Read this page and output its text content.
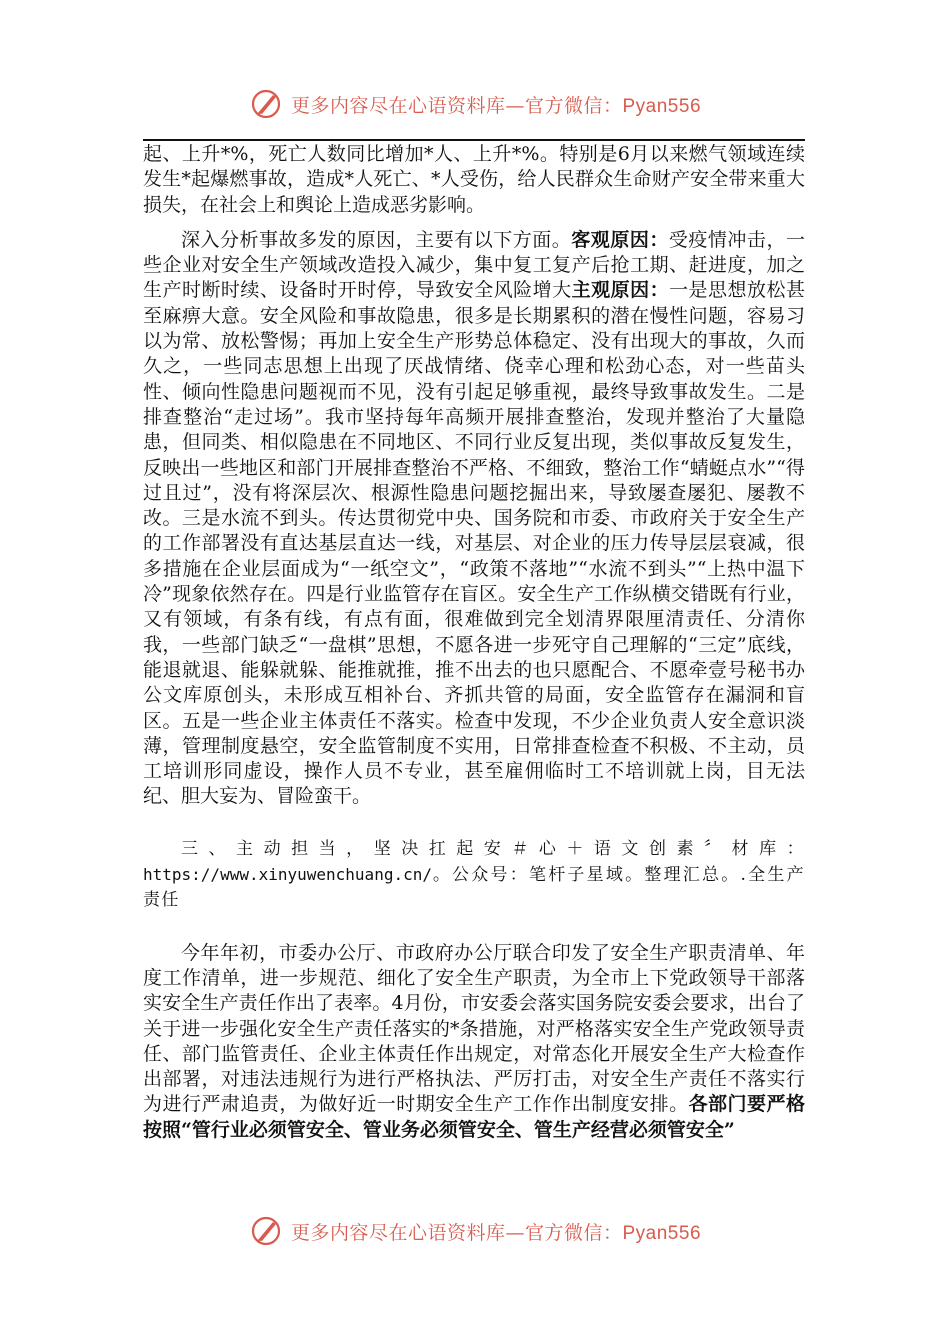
更多内容尽在心语资料库—官方微信：Pyan556

起、上升*%，死亡人数同比增加*人、上升*%。特别是6月以来燃气领域连续发生*起爆燃事故，造成*人死亡、*人受伤，给人民群众生命财产安全带来重大损失，在社会上和舆论上造成恶劣影响。

深入分析事故多发的原因，主要有以下方面。客观原因：受疫情冲击，一些企业对安全生产领域改造投入减少，集中复工复产后抢工期、赶进度，加之生产时断时续、设备时开时停，导致安全风险增大主观原因：一是思想放松甚至麻痹大意。安全风险和事故隐患，很多是长期累积的潜在慢性问题，容易习以为常、放松警惕；再加上安全生产形势总体稳定、没有出现大的事故，久而久之，一些同志思想上出现了厌战情绪、侥幸心理和松劲心态，对一些苗头性、倾向性隐患问题视而不见，没有引起足够重视，最终导致事故发生。二是排查整治“走过场”。我市坚持每年高频开展排查整治，发现并整治了大量隐患，但同类、相似隐患在不同地区、不同行业反复出现，类似事故反复发生，反映出一些地区和部门开展排查整治不严格、不细致，整治工作“蜻蜓点水”“得过且过”，没有将深层次、根源性隐患问题挖掘出来，导致屡查屡犯、屡教不改。三是水流不到头。传达贯彻党中央、国务院和市委、市政府关于安全生产的工作部署没有直达基层直达一线，对基层、对企业的压力传导层层衰减，很多措施在企业层面成为“一纸空文”，“政策不落地”“水流不到头”“上热中温下冷”现象依然存在。四是行业监管存在盲区。安全生产工作纵横交错既有行业，又有领域，有条有线，有点有面，很难做到完全划清界限厘清责任、分清你我，一些部门缺乏“一盘棋”思想，不愿各进一步死守自己理解的“三定”底线，能退就退、能躲就躲、能推就推，推不出去的也只愿配合、不愿牵壹号秘书办公文库原创头，未形成互相补台、齐抓共管的局面，安全监管存在漏洞和盲区。五是一些企业主体责任不落实。检查中发现，不少企业负责人安全意识淡薄，管理制度悬空，安全监管制度不实用，日常排查检查不积极、不主动，员工培训形同虚设，操作人员不专业，甚至雇佣临时工不培训就上岗，目无法纪、胆大妄为、冒险蛮干。

三、主动担当，坚决扛起安＃心＋语文创素〞材库：https://www.xinyuwenchuang.cn/。公众号：笔杆子星域。整理汇总。.全生产责任

今年年初，市委办公厅、市政府办公厅联合印发了安全生产职责清单、年度工作清单，进一步规范、细化了安全生产职责，为全市上下党政领导干部落实安全生产责任作出了表率。4月份，市安委会落实国务院安委会要求，出台了关于进一步强化安全生产责任落实的*条措施，对严格落实安全生产党政领导责任、部门监管责任、企业主体责任作出规定，对常态化开展安全生产大检查作出部署，对违法违规行为进行严格执法、严厉打击，对安全生产责任不落实行为进行严肃追责，为做好近一时期安全生产工作作出制度安排。各部门要严格按照“管行业必须管安全、管业务必须管安全、管生产经营必须管安全”

更多内容尽在心语资料库—官方微信：Pyan556
